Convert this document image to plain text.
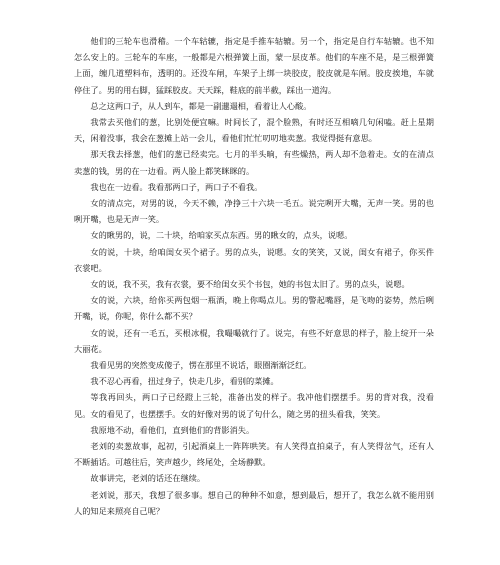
他们的三轮车也滑稽。一个车轱辘，指定是手推车轱辘。另一个，指定是自行车轱辘。也不知怎么安上的。三轮车的车座，一般都是六根弹簧上面，蒙一层皮革。他们的车座不是，是三根弹簧上面，缠几道塑料布，透明的。还没车闸，车架子上绑一块胶皮，胶皮就是车闸。胶皮挨地，车就停住了。男的用右脚，猛踩胶皮。天天踩，鞋底的前半截，踩出一道沟。

总之这两口子，从人到车，都是一副邋遢相，看着让人心酸。

我常去买他们的葱，比别处便宜嘛。时间长了，混个脸熟，有时还互相嘀几句闲嗑。赶上星期天，闲着没事，我会在葱摊上站一会儿，看他们忙忙叨叨地卖葱。我觉得挺有意思。

那天我去择葱，他们的葱已经卖完。七月的半头晌，有些燥热，两人却不急着走。女的在清点卖葱的钱，男的在一边看。两人脸上都笑眯眯的。

我也在一边看。我看那两口子，两口子不看我。

女的清点完，对男的说，今天不赖，净挣三十六块一毛五。说完咧开大嘴，无声一笑。男的也咧开嘴，也是无声一笑。

女的瞅男的，说，二十块，给咱家买点东西。男的瞅女的，点头，说嗯。

女的说，十块，给咱闺女买个裙子。男的点头，说嗯。女的笑笑，又说，闺女有裙子，你买件衣裳吧。

女的说，我不买，我有衣裳，要不给闺女买个书包，她的书包太旧了。男的点头，说嗯。

女的说，六块，给你买两包烟一瓶酒，晚上你喝点儿。男的警起嘴唇，是飞吻的姿势，然后咧开嘴，说，你呢，你什么都不买？

女的说，还有一毛五，买根冰棍，我嘬嘬就行了。说完，有些不好意思的样子，脸上绽开一朵大丽花。

我看见男的突然变成傻子，愣在那里不说话，眼圈渐渐泛红。

我不忍心再看，扭过身子，快走几步，看别的菜摊。

等我再回头，两口子已经蹬上三轮，准备出发的样子。我冲他们摆摆手。男的背对我，没看见。女的看见了，也摆摆手。女的好像对男的说了句什么，随之男的扭头看我，笑笑。

我原地不动，看他们，直到他们的背影消失。

老刘的卖葱故事，起初，引起酒桌上一阵阵哄笑。有人笑得直拍桌子，有人笑得岔气，还有人不断插话。可越往后，笑声越少，终尾处，全场静默。

故事讲完，老刘的话还在继续。

老刘说，那天，我想了很多事。想自己的种种不如意，想到最后，想开了，我怎么就不能用别人的知足来照亮自己呢？
